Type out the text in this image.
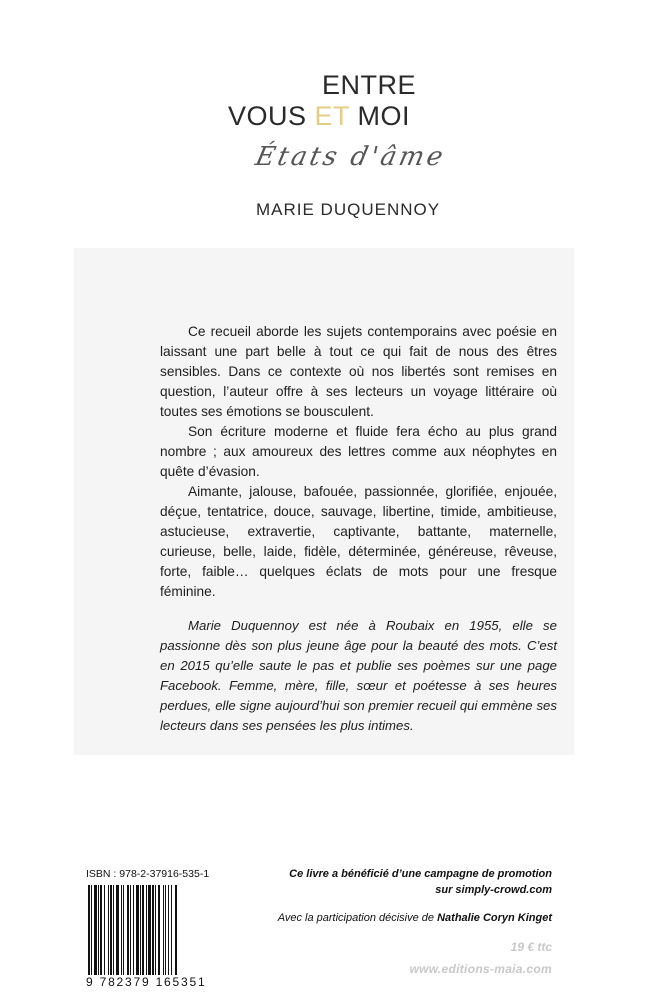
ENTRE
VOUS ET MOI
États d'âme
MARIE DUQUENNOY

Ce recueil aborde les sujets contemporains avec poésie en laissant une part belle à tout ce qui fait de nous des êtres sensibles. Dans ce contexte où nos libertés sont remises en question, l’auteur offre à ses lecteurs un voyage littéraire où toutes ses émotions se bousculent.

Son écriture moderne et fluide fera écho au plus grand nombre ; aux amoureux des lettres comme aux néophytes en quête d’évasion.

Aimante, jalouse, bafouée, passionnée, glorifiée, enjouée, déçue, tentatrice, douce, sauvage, libertine, timide, ambitieuse, astucieuse, extravertie, captivante, battante, maternelle, curieuse, belle, laide, fidèle, déterminée, généreuse, rêveuse, forte, faible… quelques éclats de mots pour une fresque féminine.

Marie Duquennoy est née à Roubaix en 1955, elle se passionne dès son plus jeune âge pour la beauté des mots. C’est en 2015 qu’elle saute le pas et publie ses poèmes sur une page Facebook. Femme, mère, fille, sœur et poétesse à ses heures perdues, elle signe aujourd’hui son premier recueil qui emmène ses lecteurs dans ses pensées les plus intimes.

ISBN : 978-2-37916-535-1
9 782379 165351
Ce livre a bénéficié d’une campagne de promotion
sur simply-crowd.com
Avec la participation décisive de Nathalie Coryn Kinget
19 € ttc
www.editions-maia.com
